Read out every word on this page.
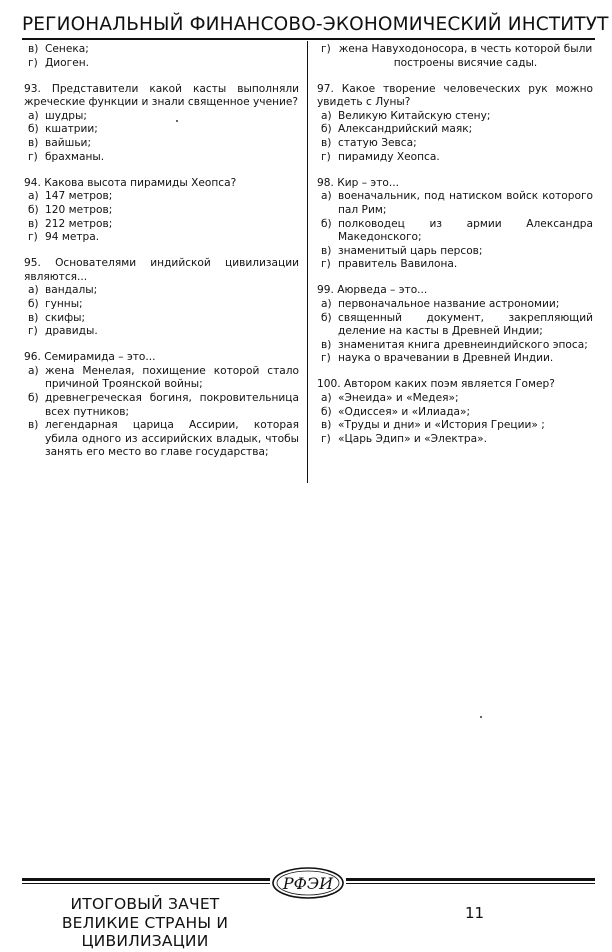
РЕГИОНАЛЬНЫЙ ФИНАНСОВО-ЭКОНОМИЧЕСКИЙ ИНСТИТУТ
в) Сенека;
г) Диоген.
93. Представители какой касты выполняли жреческие функции и знали священное учение?
а) шудры;
б) кшатрии;
в) вайшьи;
г) брахманы.
94. Какова высота пирамиды Хеопса?
а) 147 метров;
б) 120 метров;
в) 212 метров;
г) 94 метра.
95. Основателями индийской цивилизации являются...
а) вандалы;
б) гунны;
в) скифы;
г) дравиды.
96. Семирамида – это...
а) жена Менелая, похищение которой стало причиной Троянской войны;
б) древнегреческая богиня, покровительница всех путников;
в) легендарная царица Ассирии, которая убила одного из ассирийских владык, чтобы занять его место во главе государства;
г) жена Навуходоносора, в честь которой были построены висячие сады.
97. Какое творение человеческих рук можно увидеть с Луны?
а) Великую Китайскую стену;
б) Александрийский маяк;
в) статую Зевса;
г) пирамиду Хеопса.
98. Кир – это...
а) военачальник, под натиском войск которого пал Рим;
б) полководец из армии Александра Македонского;
в) знаменитый царь персов;
г) правитель Вавилона.
99. Аюрведа – это...
а) первоначальное название астрономии;
б) священный документ, закрепляющий деление на касты в Древней Индии;
в) знаменитая книга древнеиндийского эпоса;
г) наука о врачевании в Древней Индии.
100. Автором каких поэм является Гомер?
а) «Энеида» и «Медея»;
б) «Одиссея» и «Илиада»;
в) «Труды и дни» и «История Греции» ;
г) «Царь Эдип» и «Электра».
РФЭИ
ИТОГОВЫЙ ЗАЧЕТ
ВЕЛИКИЕ СТРАНЫ И
ЦИВИЛИЗАЦИИ
11
